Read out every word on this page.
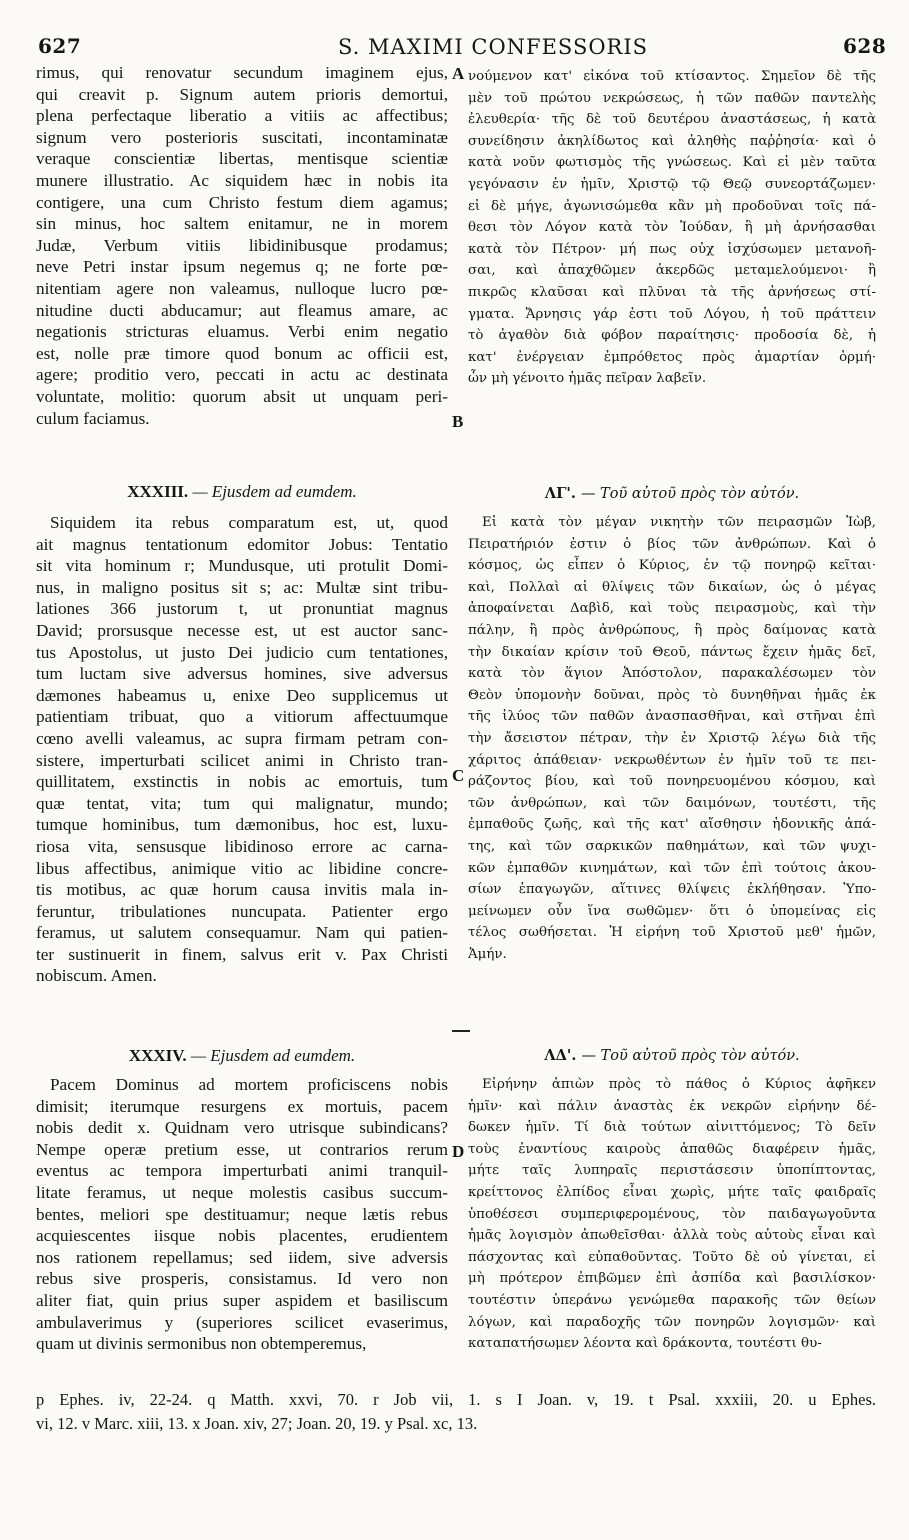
627	S. MAXIMI CONFESSORIS	628
A
B
C
D
rimus, qui renovatur secundum imaginem ejus,
qui creavit p. Signum autem prioris demortui,
plena perfectaque liberatio a vitiis ac affectibus;
signum vero posterioris suscitati, incontaminatæ
veraque conscientiæ libertas, mentisque scientiæ
munere illustratio. Ac siquidem hæc in nobis ita
contigere, una cum Christo festum diem agamus;
sin minus, hoc saltem enitamur, ne in morem
Judæ, Verbum vitiis libidinibusque prodamus;
neve Petri instar ipsum negemus q; ne forte pœ-
nitentiam agere non valeamus, nulloque lucro pœ-
nitudine ducti abducamur; aut fleamus amare, ac
negationis stricturas eluamus. Verbi enim negatio
est, nolle præ timore quod bonum ac officii est,
agere; proditio vero, peccati in actu ac destinata
voluntate, molitio: quorum absit ut unquam peri-
culum faciamus.
νούμενον κατ' εἰκόνα τοῦ κτίσαντος. Σημεῖον δὲ τῆς
μὲν τοῦ πρώτου νεκρώσεως, ἡ τῶν παθῶν παντελὴς
ἐλευθερία· τῆς δὲ τοῦ δευτέρου ἀναστάσεως, ἡ κατὰ
συνείδησιν ἀκηλίδωτος καὶ ἀληθὴς παῤῥησία· καὶ ὁ
κατὰ νοῦν φωτισμὸς τῆς γνώσεως. Καὶ εἰ μὲν ταῦτα
γεγόνασιν ἐν ἡμῖν, Χριστῷ τῷ Θεῷ συνεορτάζωμεν·
εἰ δὲ μήγε, ἀγωνισώμεθα κἂν μὴ προδοῦναι τοῖς πά-
θεσι τὸν Λόγον κατὰ τὸν Ἰούδαν, ἢ μὴ ἀρνήσασθαι
κατὰ τὸν Πέτρον· μή πως οὐχ ἰσχύσωμεν μετανοῆ-
σαι, καὶ ἀπαχθῶμεν ἀκερδῶς μεταμελούμενοι· ἢ
πικρῶς κλαῦσαι καὶ πλῦναι τὰ τῆς ἀρνήσεως στί-
γματα. Ἄρνησις γάρ ἐστι τοῦ Λόγου, ἡ τοῦ πράττειν
τὸ ἀγαθὸν διὰ φόβον παραίτησις· προδοσία δὲ, ἡ
κατ' ἐνέργειαν ἐμπρόθετος πρὸς ἁμαρτίαν ὁρμή·
ὧν μὴ γένοιτο ἡμᾶς πεῖραν λαβεῖν.
XXXIII. — Ejusdem ad eumdem.
Siquidem ita rebus comparatum est, ut, quod
ait magnus tentationum edomitor Jobus: Tentatio
sit vita hominum r; Mundusque, uti protulit Domi-
nus, in maligno positus sit s; ac: Multæ sint tribu-
lationes 366 justorum t, ut pronuntiat magnus
David; prorsusque necesse est, ut est auctor sanc-
tus Apostolus, ut justo Dei judicio cum tentationes,
tum luctam sive adversus homines, sive adversus
dæmones habeamus u, enixe Deo supplicemus ut
patientiam tribuat, quo a vitiorum affectuumque
cœno avelli valeamus, ac supra firmam petram con-
sistere, imperturbati scilicet animi in Christo tran-
quillitatem, exstinctis in nobis ac emortuis, tum
quæ tentat, vita; tum qui malignatur, mundo;
tumque hominibus, tum dæmonibus, hoc est, luxu-
riosa vita, sensusque libidinoso errore ac carna-
libus affectibus, animique vitio ac libidine concre-
tis motibus, ac quæ horum causa invitis mala in-
feruntur, tribulationes nuncupata. Patienter ergo
feramus, ut salutem consequamur. Nam qui patien-
ter sustinuerit in finem, salvus erit v. Pax Christi
nobiscum. Amen.
ΛΓ'. — Τοῦ αὐτοῦ πρὸς τὸν αὐτόν.
Εἰ κατὰ τὸν μέγαν νικητὴν τῶν πειρασμῶν Ἰὼβ,
Πειρατήριόν ἐστιν ὁ βίος τῶν ἀνθρώπων. Καὶ ὁ
κόσμος, ὡς εἶπεν ὁ Κύριος, ἐν τῷ πονηρῷ κεῖται·
καὶ, Πολλαὶ αἱ θλίψεις τῶν δικαίων, ὡς ὁ μέγας
ἀποφαίνεται Δαβὶδ, καὶ τοὺς πειρασμοὺς, καὶ τὴν
πάλην, ἢ πρὸς ἀνθρώπους, ἢ πρὸς δαίμονας κατὰ
τὴν δικαίαν κρίσιν τοῦ Θεοῦ, πάντως ἔχειν ἡμᾶς δεῖ,
κατὰ τὸν ἅγιον Ἀπόστολον, παρακαλέσωμεν τὸν
Θεὸν ὑπομονὴν δοῦναι, πρὸς τὸ δυνηθῆναι ἡμᾶς ἐκ
τῆς ἰλύος τῶν παθῶν ἀνασπασθῆναι, καὶ στῆναι ἐπὶ
τὴν ἄσειστον πέτραν, τὴν ἐν Χριστῷ λέγω διὰ τῆς
χάριτος ἀπάθειαν· νεκρωθέντων ἐν ἡμῖν τοῦ τε πει-
ράζοντος βίου, καὶ τοῦ πονηρευομένου κόσμου, καὶ
τῶν ἀνθρώπων, καὶ τῶν δαιμόνων, τουτέστι, τῆς
ἐμπαθοῦς ζωῆς, καὶ τῆς κατ' αἴσθησιν ἡδονικῆς ἀπά-
της, καὶ τῶν σαρκικῶν παθημάτων, καὶ τῶν ψυχι-
κῶν ἐμπαθῶν κινημάτων, καὶ τῶν ἐπὶ τούτοις ἀκου-
σίων ἐπαγωγῶν, αἵτινες θλίψεις ἐκλήθησαν. Ὑπο-
μείνωμεν οὖν ἵνα σωθῶμεν· ὅτι ὁ ὑπομείνας εἰς
τέλος σωθήσεται. Ἡ εἰρήνη τοῦ Χριστοῦ μεθ' ἡμῶν,
Ἀμήν.
XXXIV. — Ejusdem ad eumdem.
Pacem Dominus ad mortem proficiscens nobis
dimisit; iterumque resurgens ex mortuis, pacem
nobis dedit x. Quidnam vero utrisque subindicans?
Nempe operæ pretium esse, ut contrarios rerum
eventus ac tempora imperturbati animi tranquil-
litate feramus, ut neque molestis casibus succum-
bentes, meliori spe destituamur; neque lætis rebus
acquiescentes iisque nobis placentes, erudientem
nos rationem repellamus; sed iidem, sive adversis
rebus sive prosperis, consistamus. Id vero non
aliter fiat, quin prius super aspidem et basiliscum
ambulaverimus y (superiores scilicet evaserimus,
quam ut divinis sermonibus non obtemperemus,
ΛΔ'. — Τοῦ αὐτοῦ πρὸς τὸν αὐτόν.
Εἰρήνην ἀπιὼν πρὸς τὸ πάθος ὁ Κύριος ἀφῆκεν
ἡμῖν· καὶ πάλιν ἀναστὰς ἐκ νεκρῶν εἰρήνην δέ-
δωκεν ἡμῖν. Τί διὰ τούτων αἰνιττόμενος; Τὸ δεῖν
τοὺς ἐναντίους καιροὺς ἀπαθῶς διαφέρειν ἡμᾶς,
μήτε ταῖς λυπηραῖς περιστάσεσιν ὑποπίπτοντας,
κρείττονος ἐλπίδος εἶναι χωρὶς, μήτε ταῖς φαιδραῖς
ὑποθέσεσι συμπεριφερομένους, τὸν παιδαγωγοῦντα
ἡμᾶς λογισμὸν ἀπωθεῖσθαι· ἀλλὰ τοὺς αὐτοὺς εἶναι καὶ
πάσχοντας καὶ εὐπαθοῦντας. Τοῦτο δὲ οὐ γίνεται, εἰ
μὴ πρότερον ἐπιβῶμεν ἐπὶ ἀσπίδα καὶ βασιλίσκον·
τουτέστιν ὑπεράνω γενώμεθα παρακοῆς τῶν θείων
λόγων, καὶ παραδοχῆς τῶν πονηρῶν λογισμῶν· καὶ
καταπατήσωμεν λέοντα καὶ δράκοντα, τουτέστι θυ-
p Ephes. iv, 22-24. q Matth. xxvi, 70. r Job vii, 1. s I Joan. v, 19. t Psal. xxxiii, 20. u Ephes.
vi, 12. v Marc. xiii, 13. x Joan. xiv, 27; Joan. 20, 19. y Psal. xc, 13.
